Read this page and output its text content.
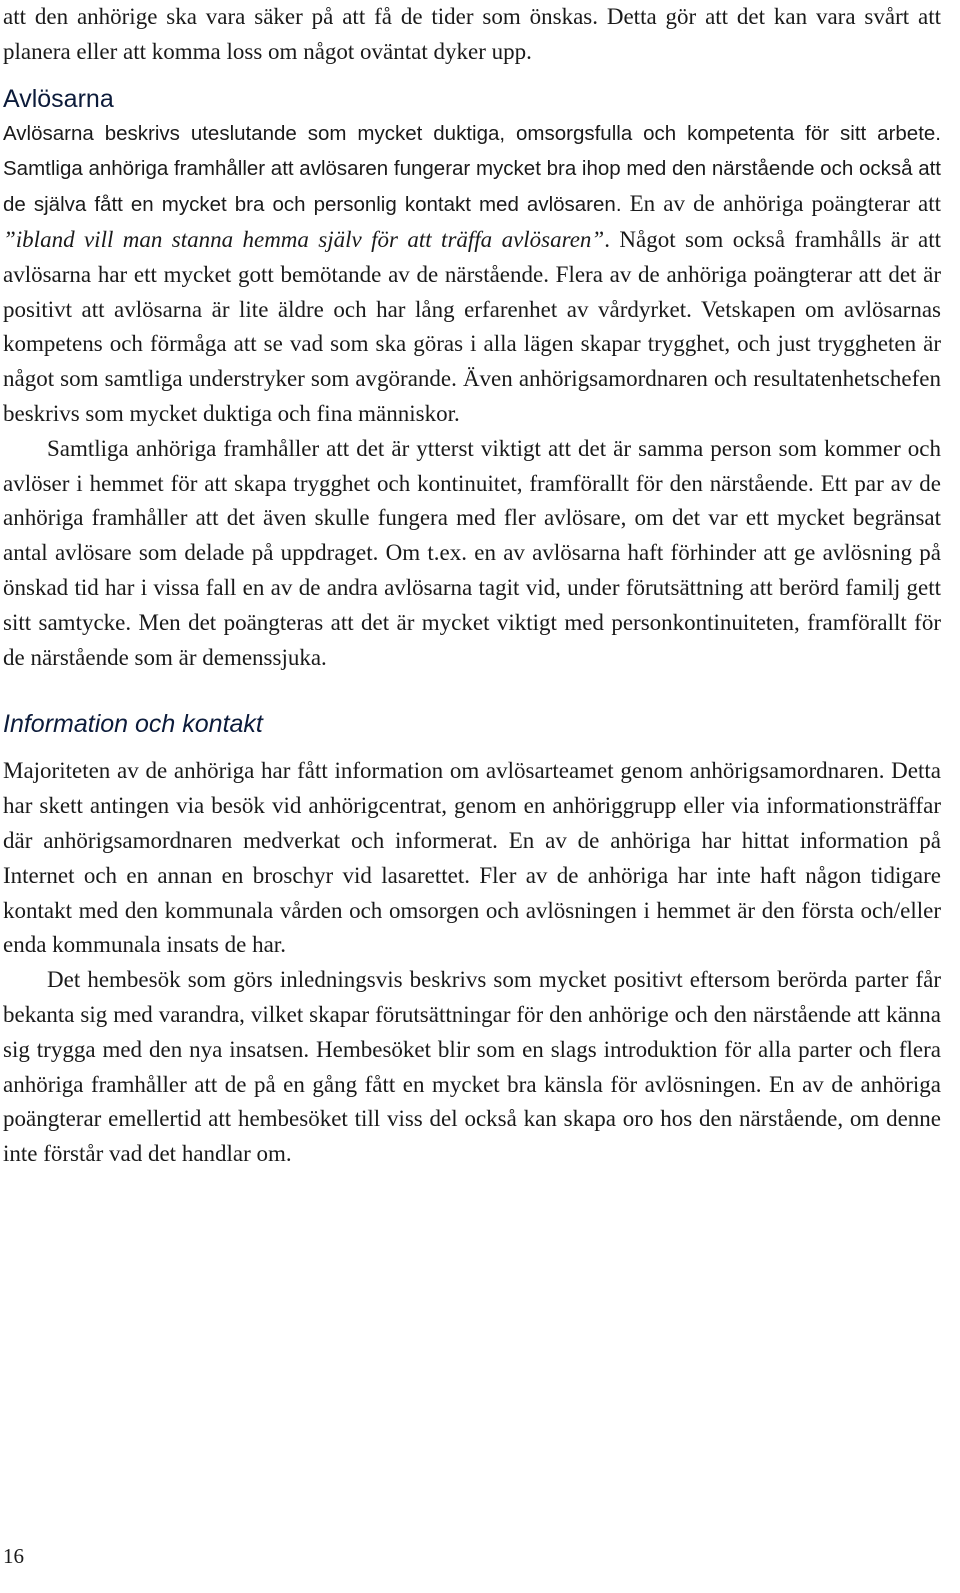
att den anhörige ska vara säker på att få de tider som önskas. Detta gör att det kan vara svårt att planera eller att komma loss om något oväntat dyker upp.

Avlösarna

Avlösarna beskrivs uteslutande som mycket duktiga, omsorgsfulla och kompetenta för sitt arbete. Samtliga anhöriga framhåller att avlösaren fungerar mycket bra ihop med den närstående och också att de själva fått en mycket bra och personlig kontakt med avlösaren. En av de anhöriga poängterar att ”ibland vill man stanna hemma själv för att träffa avlösaren”. Något som också framhålls är att avlösarna har ett mycket gott bemötande av de närstående. Flera av de anhöriga poängterar att det är positivt att avlösarna är lite äldre och har lång erfarenhet av vårdyrket. Vetskapen om avlösarnas kompetens och förmåga att se vad som ska göras i alla lägen skapar trygghet, och just tryggheten är något som samtliga understryker som avgörande. Även anhörigsamordnaren och resultatenhetschefen beskrivs som mycket duktiga och fina människor.

Samtliga anhöriga framhåller att det är ytterst viktigt att det är samma person som kommer och avlöser i hemmet för att skapa trygghet och kontinuitet, framförallt för den närstående. Ett par av de anhöriga framhåller att det även skulle fungera med fler avlösare, om det var ett mycket begränsat antal avlösare som delade på uppdraget. Om t.ex. en av avlösarna haft förhinder att ge avlösning på önskad tid har i vissa fall en av de andra avlösarna tagit vid, under förutsättning att berörd familj gett sitt samtycke. Men det poängteras att det är mycket viktigt med personkontinuiteten, framförallt för de närstående som är demenssjuka.

Information och kontakt

Majoriteten av de anhöriga har fått information om avlösarteamet genom anhörigsamordnaren. Detta har skett antingen via besök vid anhörigcentrat, genom en anhöriggrupp eller via informationsträffar där anhörigsamordnaren medverkat och informerat. En av de anhöriga har hittat information på Internet och en annan en broschyr vid lasarettet. Fler av de anhöriga har inte haft någon tidigare kontakt med den kommunala vården och omsorgen och avlösningen i hemmet är den första och/eller enda kommunala insats de har.

Det hembesök som görs inledningsvis beskrivs som mycket positivt eftersom berörda parter får bekanta sig med varandra, vilket skapar förutsättningar för den anhörige och den närstående att känna sig trygga med den nya insatsen. Hembesöket blir som en slags introduktion för alla parter och flera anhöriga framhåller att de på en gång fått en mycket bra känsla för avlösningen. En av de anhöriga poängterar emellertid att hembesöket till viss del också kan skapa oro hos den närstående, om denne inte förstår vad det handlar om.

16
